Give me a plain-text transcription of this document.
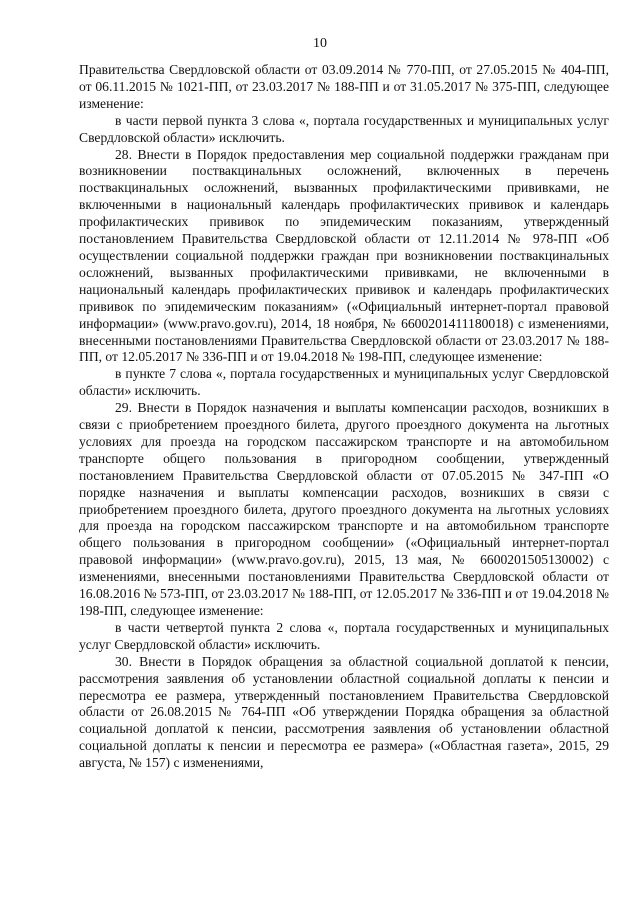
10

Правительства Свердловской области от 03.09.2014 № 770-ПП, от 27.05.2015 № 404-ПП, от 06.11.2015 № 1021-ПП, от 23.03.2017 № 188-ПП и от 31.05.2017 № 375-ПП, следующее изменение:

в части первой пункта 3 слова «, портала государственных и муниципальных услуг Свердловской области» исключить.

28. Внести в Порядок предоставления мер социальной поддержки гражданам при возникновении поствакцинальных осложнений, включенных в перечень поствакцинальных осложнений, вызванных профилактическими прививками, не включенными в национальный календарь профилактических прививок и календарь профилактических прививок по эпидемическим показаниям, утвержденный постановлением Правительства Свердловской области от 12.11.2014 № 978-ПП «Об осуществлении социальной поддержки граждан при возникновении поствакцинальных осложнений, вызванных профилактическими прививками, не включенными в национальный календарь профилактических прививок и календарь профилактических прививок по эпидемическим показаниям» («Официальный интернет-портал правовой информации» (www.pravo.gov.ru), 2014, 18 ноября, № 6600201411180018) с изменениями, внесенными постановлениями Правительства Свердловской области от 23.03.2017 № 188-ПП, от 12.05.2017 № 336-ПП и от 19.04.2018 № 198-ПП, следующее изменение:

в пункте 7 слова «, портала государственных и муниципальных услуг Свердловской области» исключить.

29. Внести в Порядок назначения и выплаты компенсации расходов, возникших в связи с приобретением проездного билета, другого проездного документа на льготных условиях для проезда на городском пассажирском транспорте и на автомобильном транспорте общего пользования в пригородном сообщении, утвержденный постановлением Правительства Свердловской области от 07.05.2015 № 347-ПП «О порядке назначения и выплаты компенсации расходов, возникших в связи с приобретением проездного билета, другого проездного документа на льготных условиях для проезда на городском пассажирском транспорте и на автомобильном транспорте общего пользования в пригородном сообщении» («Официальный интернет-портал правовой информации» (www.pravo.gov.ru), 2015, 13 мая, № 6600201505130002) с изменениями, внесенными постановлениями Правительства Свердловской области от 16.08.2016 № 573-ПП, от 23.03.2017 № 188-ПП, от 12.05.2017 № 336-ПП и от 19.04.2018 № 198-ПП, следующее изменение:

в части четвертой пункта 2 слова «, портала государственных и муниципальных услуг Свердловской области» исключить.

30. Внести в Порядок обращения за областной социальной доплатой к пенсии, рассмотрения заявления об установлении областной социальной доплаты к пенсии и пересмотра ее размера, утвержденный постановлением Правительства Свердловской области от 26.08.2015 № 764-ПП «Об утверждении Порядка обращения за областной социальной доплатой к пенсии, рассмотрения заявления об установлении областной социальной доплаты к пенсии и пересмотра ее размера» («Областная газета», 2015, 29 августа, № 157) с изменениями,
